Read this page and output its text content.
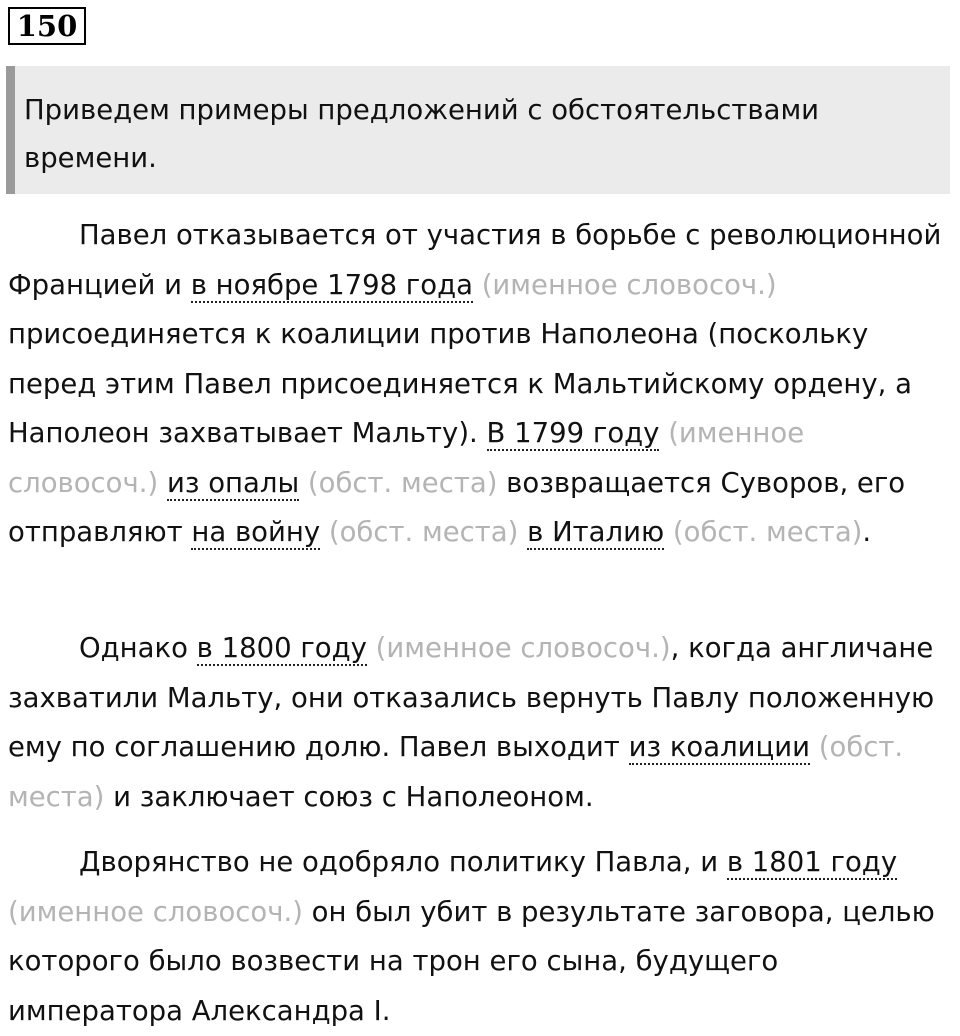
150
Приведем примеры предложений с обстоятельствами времени.
Павел отказывается от участия в борьбе с революционной Францией и в ноябре 1798 года (именное словосоч.) присоединяется к коалиции против Наполеона (поскольку перед этим Павел присоединяется к Мальтийскому ордену, а Наполеон захватывает Мальту). В 1799 году (именное словосоч.) из опалы (обст. места) возвращается Суворов, его отправляют на войну (обст. места) в Италию (обст. места).
Однако в 1800 году (именное словосоч.), когда англичане захватили Мальту, они отказались вернуть Павлу положенную ему по соглашению долю. Павел выходит из коалиции (обст. места) и заключает союз с Наполеоном.
Дворянство не одобряло политику Павла, и в 1801 году (именное словосоч.) он был убит в результате заговора, целью которого было возвести на трон его сына, будущего императора Александра I.
